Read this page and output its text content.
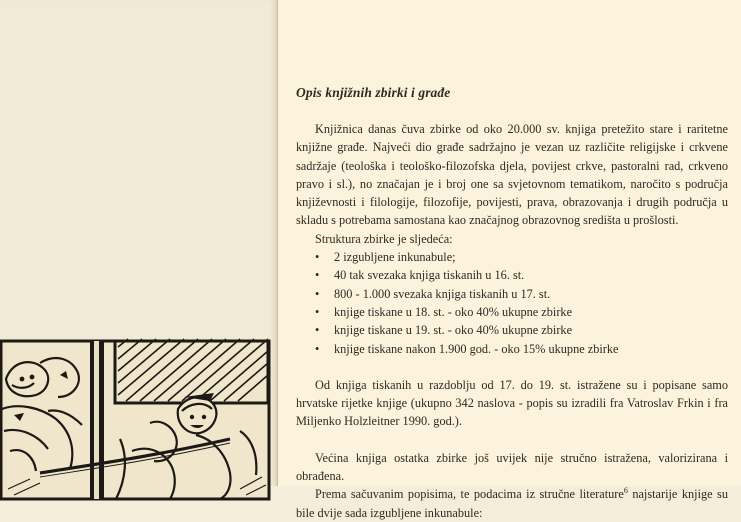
Opis knjižnih zbirki i građe

Knjižnica danas čuva zbirke od oko 20.000 sv. knjiga pretežito stare i raritetne knjižne građe. Najveći dio građe sadržajno je vezan uz različite religijske i crkvene sadržaje (teološka i teološko-filozofska djela, povijest crkve, pastoralni rad, crkveno pravo i sl.), no značajan je i broj one sa svjetovnom tematikom, naročito s područja književnosti i filologije, filozofije, povijesti, prava, obrazovanja i drugih područja u skladu s potrebama samostana kao značajnog obrazovnog središta u prošlosti.

Struktura zbirke je sljedeća:

• 2 izgubljene inkunabule;
• 40 tak svezaka knjiga tiskanih u 16. st.
• 800 - 1.000 svezaka knjiga tiskanih u 17. st.
• knjige tiskane u 18. st. - oko 40% ukupne zbirke
• knjige tiskane u 19. st. - oko 40% ukupne zbirke
• knjige tiskane nakon 1.900 god. - oko 15% ukupne zbirke

Od knjiga tiskanih u razdoblju od 17. do 19. st. istražene su i popisane samo hrvatske rijetke knjige (ukupno 342 naslova - popis su izradili fra Vatroslav Frkin i fra Miljenko Holzleitner 1990. god.).

Većina knjiga ostatka zbirke još uvijek nije stručno istražena, valorizirana i obrađena.

Prema sačuvanim popisima, te podacima iz stručne literature$^6$ najstarije knjige su bile dvije sada izgubljene inkunabule:
